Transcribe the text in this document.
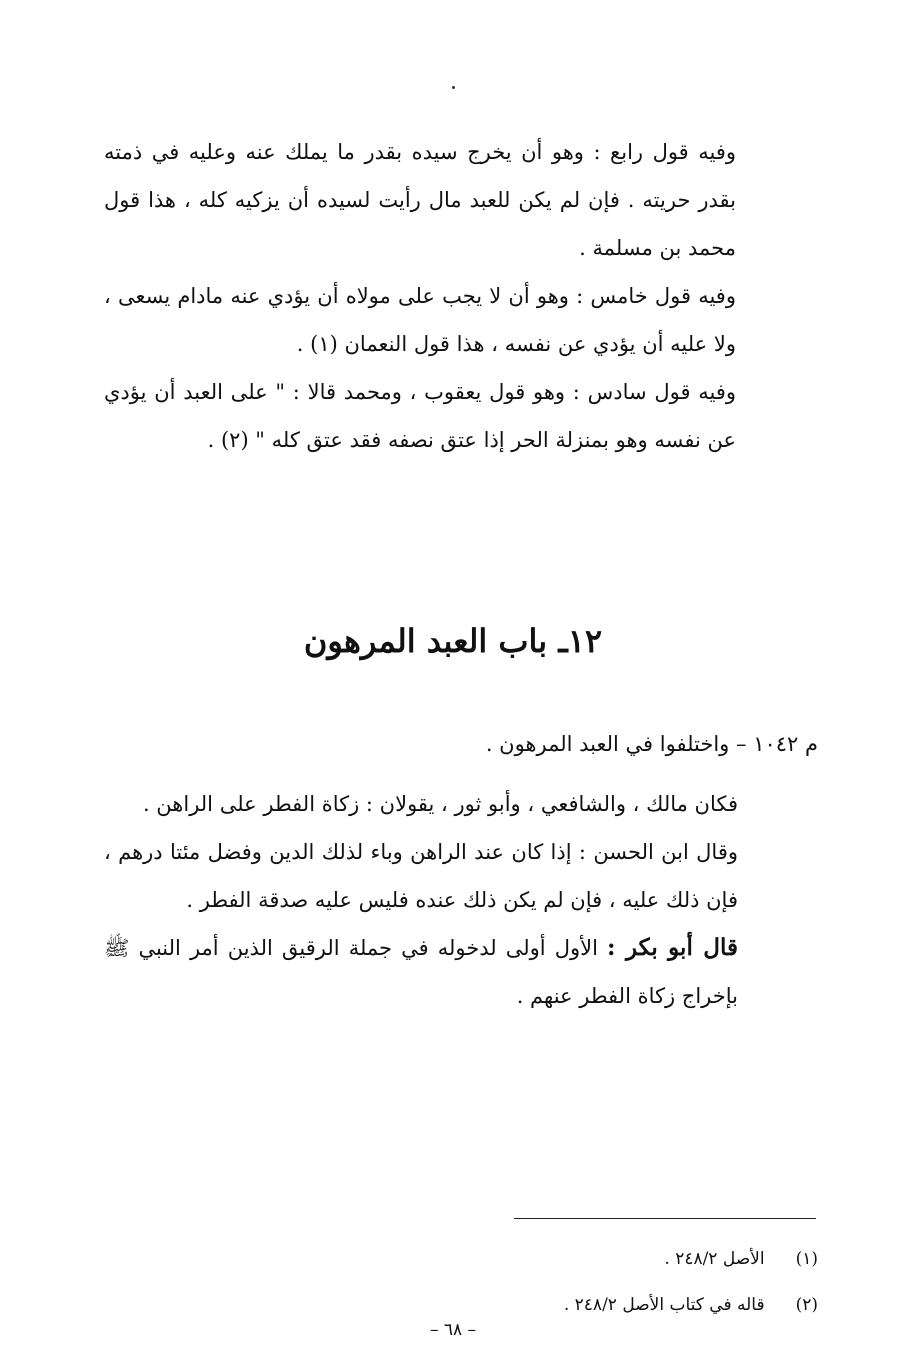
وفيه قول رابع : وهو أن يخرج سيده بقدر ما يملك عنه وعليه في ذمته بقدر حريته . فإن لم يكن للعبد مال رأيت لسيده أن يزكيه كله ، هذا قول محمد بن مسلمة .

وفيه قول خامس : وهو أن لا يجب على مولاه أن يؤدي عنه مادام يسعى ، ولا عليه أن يؤدي عن نفسه ، هذا قول النعمان (١) .

وفيه قول سادس : وهو قول يعقوب ، ومحمد قالا : " على العبد أن يؤدي عن نفسه وهو بمنزلة الحر إذا عتق نصفه فقد عتق كله " (٢) .

١٢ـ باب العبد المرهون
م ١٠٤٢ – واختلفوا في العبد المرهون .

فكان مالك ، والشافعي ، وأبو ثور ، يقولان : زكاة الفطر على الراهن .

وقال ابن الحسن : إذا كان عند الراهن وباء لذلك الدين وفضل مئتا درهم ، فإن ذلك عليه ، فإن لم يكن ذلك عنده فليس عليه صدقة الفطر .

قال أبو بكر : الأول أولى لدخوله في جملة الرقيق الذين أمر النبي ﷺ بإخراج زكاة الفطر عنهم .

(١) الأصل ٢٤٨/٢ .
(٢) قاله في كتاب الأصل ٢٤٨/٢ .
– ٦٨ –
